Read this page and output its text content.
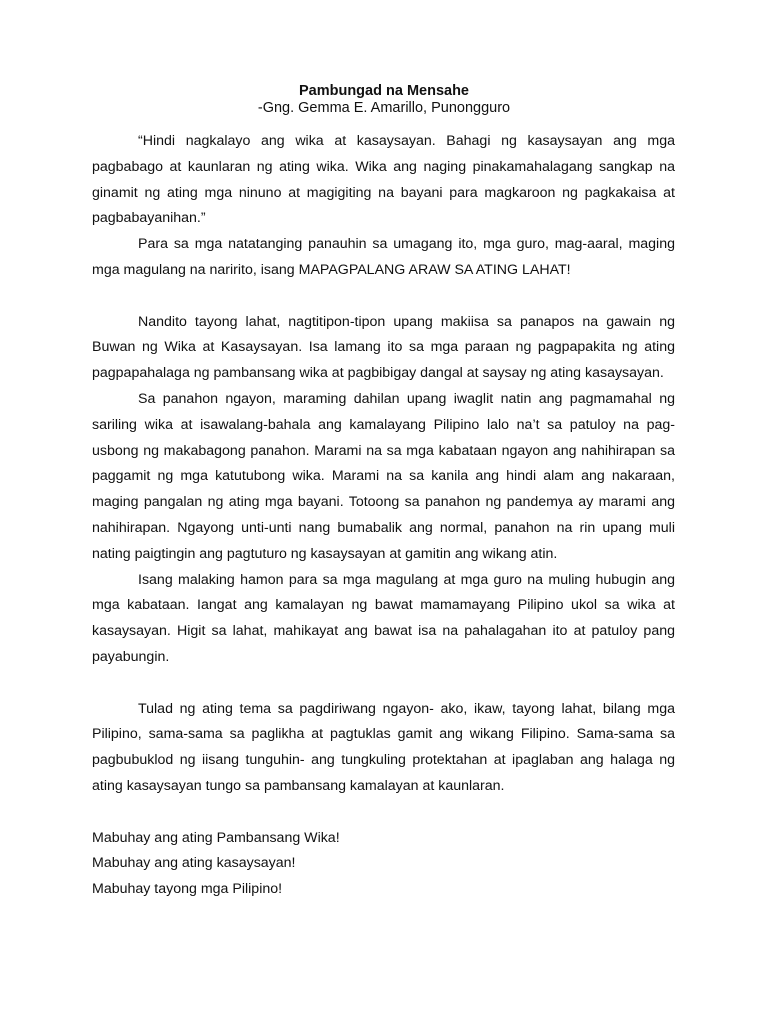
Pambungad na Mensahe
-Gng. Gemma E. Amarillo, Punongguro

“Hindi nagkalayo ang wika at kasaysayan. Bahagi ng kasaysayan ang mga pagbabago at kaunlaran ng ating wika. Wika ang naging pinakamahalagang sangkap na ginamit ng ating mga ninuno at magigiting na bayani para magkaroon ng pagkakaisa at pagbabayanihan.”

Para sa mga natatanging panauhin sa umagang ito, mga guro, mag-aaral, maging mga magulang na naririto, isang MAPAGPALANG ARAW SA ATING LAHAT!

Nandito tayong lahat, nagtitipon-tipon upang makiisa sa panapos na gawain ng Buwan ng Wika at Kasaysayan. Isa lamang ito sa mga paraan ng pagpapakita ng ating pagpapahalaga ng pambansang wika at pagbibigay dangal at saysay ng ating kasaysayan.

Sa panahon ngayon, maraming dahilan upang iwaglit natin ang pagmamahal ng sariling wika at isawalang-bahala ang kamalayang Pilipino lalo na’t sa patuloy na pag-usbong ng makabagong panahon. Marami na sa mga kabataan ngayon ang nahihirapan sa paggamit ng mga katutubong wika. Marami na sa kanila ang hindi alam ang nakaraan, maging pangalan ng ating mga bayani. Totoong sa panahon ng pandemya ay marami ang nahihirapan. Ngayong unti-unti nang bumabalik ang normal, panahon na rin upang muli nating paigtingin ang pagtuturo ng kasaysayan at gamitin ang wikang atin.

Isang malaking hamon para sa mga magulang at mga guro na muling hubugin ang mga kabataan. Iangat ang kamalayan ng bawat mamamayang Pilipino ukol sa wika at kasaysayan. Higit sa lahat, mahikayat ang bawat isa na pahalagahan ito at patuloy pang payabungin.

Tulad ng ating tema sa pagdiriwang ngayon- ako, ikaw, tayong lahat, bilang mga Pilipino, sama-sama sa paglikha at pagtuklas gamit ang wikang Filipino. Sama-sama sa pagbubuklod ng iisang tunguhin- ang tungkuling protektahan at ipaglaban ang halaga ng ating kasaysayan tungo sa pambansang kamalayan at kaunlaran.

Mabuhay ang ating Pambansang Wika!

Mabuhay ang ating kasaysayan!

Mabuhay tayong mga Pilipino!
